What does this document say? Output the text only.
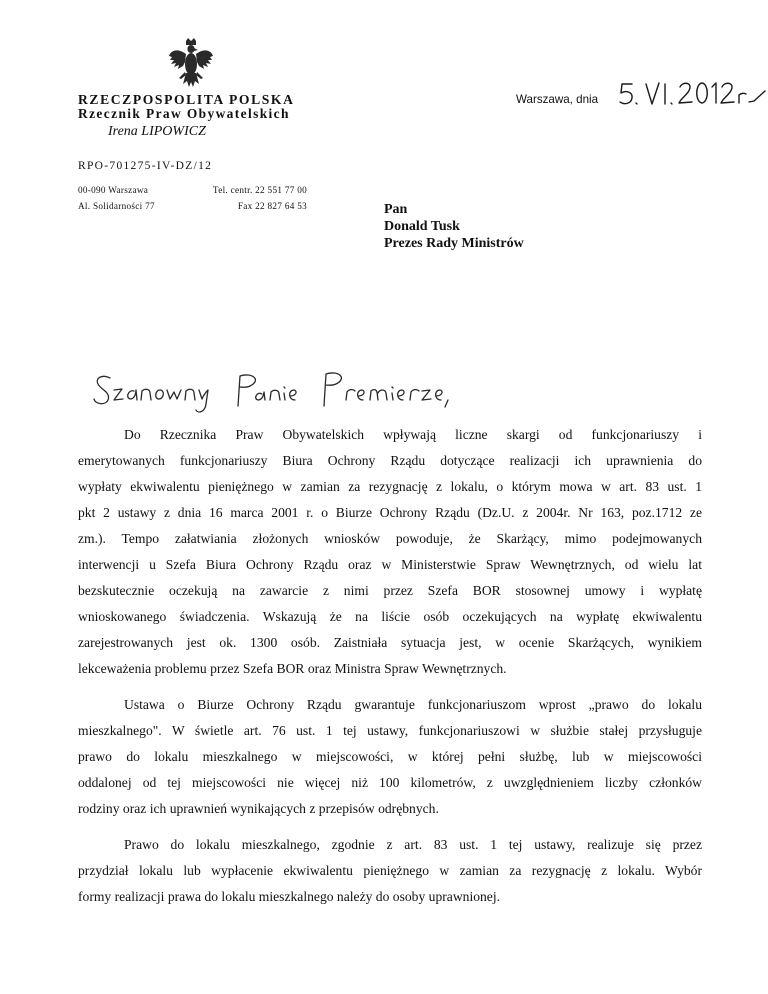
RZECZPOSPOLITA POLSKA
Rzecznik Praw Obywatelskich
Irena LIPOWICZ
RPO-701275-IV-DZ/12
00-090 Warszawa
Al. Solidarności 77
Tel. centr. 22 551 77 00
Fax 22 827 64 53
Warszawa, dnia
Pan
Donald Tusk
Prezes Rady Ministrów
Do Rzecznika Praw Obywatelskich wpływają liczne skargi od funkcjonariuszy i
emerytowanych funkcjonariuszy Biura Ochrony Rządu dotyczące realizacji ich uprawnienia do
wypłaty ekwiwalentu pieniężnego w zamian za rezygnację z lokalu, o którym mowa w art. 83 ust. 1
pkt 2 ustawy z dnia 16 marca 2001 r. o Biurze Ochrony Rządu (Dz.U. z 2004r. Nr 163, poz.1712 ze
zm.). Tempo załatwiania złożonych wniosków powoduje, że Skarżący, mimo podejmowanych
interwencji u Szefa Biura Ochrony Rządu oraz w Ministerstwie Spraw Wewnętrznych, od wielu lat
bezskutecznie oczekują na zawarcie z nimi przez Szefa BOR stosownej umowy i wypłatę
wnioskowanego świadczenia. Wskazują że na liście osób oczekujących na wypłatę ekwiwalentu
zarejestrowanych jest ok. 1300 osób. Zaistniała sytuacja jest, w ocenie Skarżących, wynikiem
lekceważenia problemu przez Szefa BOR oraz Ministra Spraw Wewnętrznych.
Ustawa o Biurze Ochrony Rządu gwarantuje funkcjonariuszom wprost „prawo do lokalu
mieszkalnego". W świetle art. 76 ust. 1 tej ustawy, funkcjonariuszowi w służbie stałej przysługuje
prawo do lokalu mieszkalnego w miejscowości, w której pełni służbę, lub w miejscowości
oddalonej od tej miejscowości nie więcej niż 100 kilometrów, z uwzględnieniem liczby członków
rodziny oraz ich uprawnień wynikających z przepisów odrębnych.
Prawo do lokalu mieszkalnego, zgodnie z art. 83 ust. 1 tej ustawy, realizuje się przez
przydział lokalu lub wypłacenie ekwiwalentu pieniężnego w zamian za rezygnację z lokalu. Wybór
formy realizacji prawa do lokalu mieszkalnego należy do osoby uprawnionej.
